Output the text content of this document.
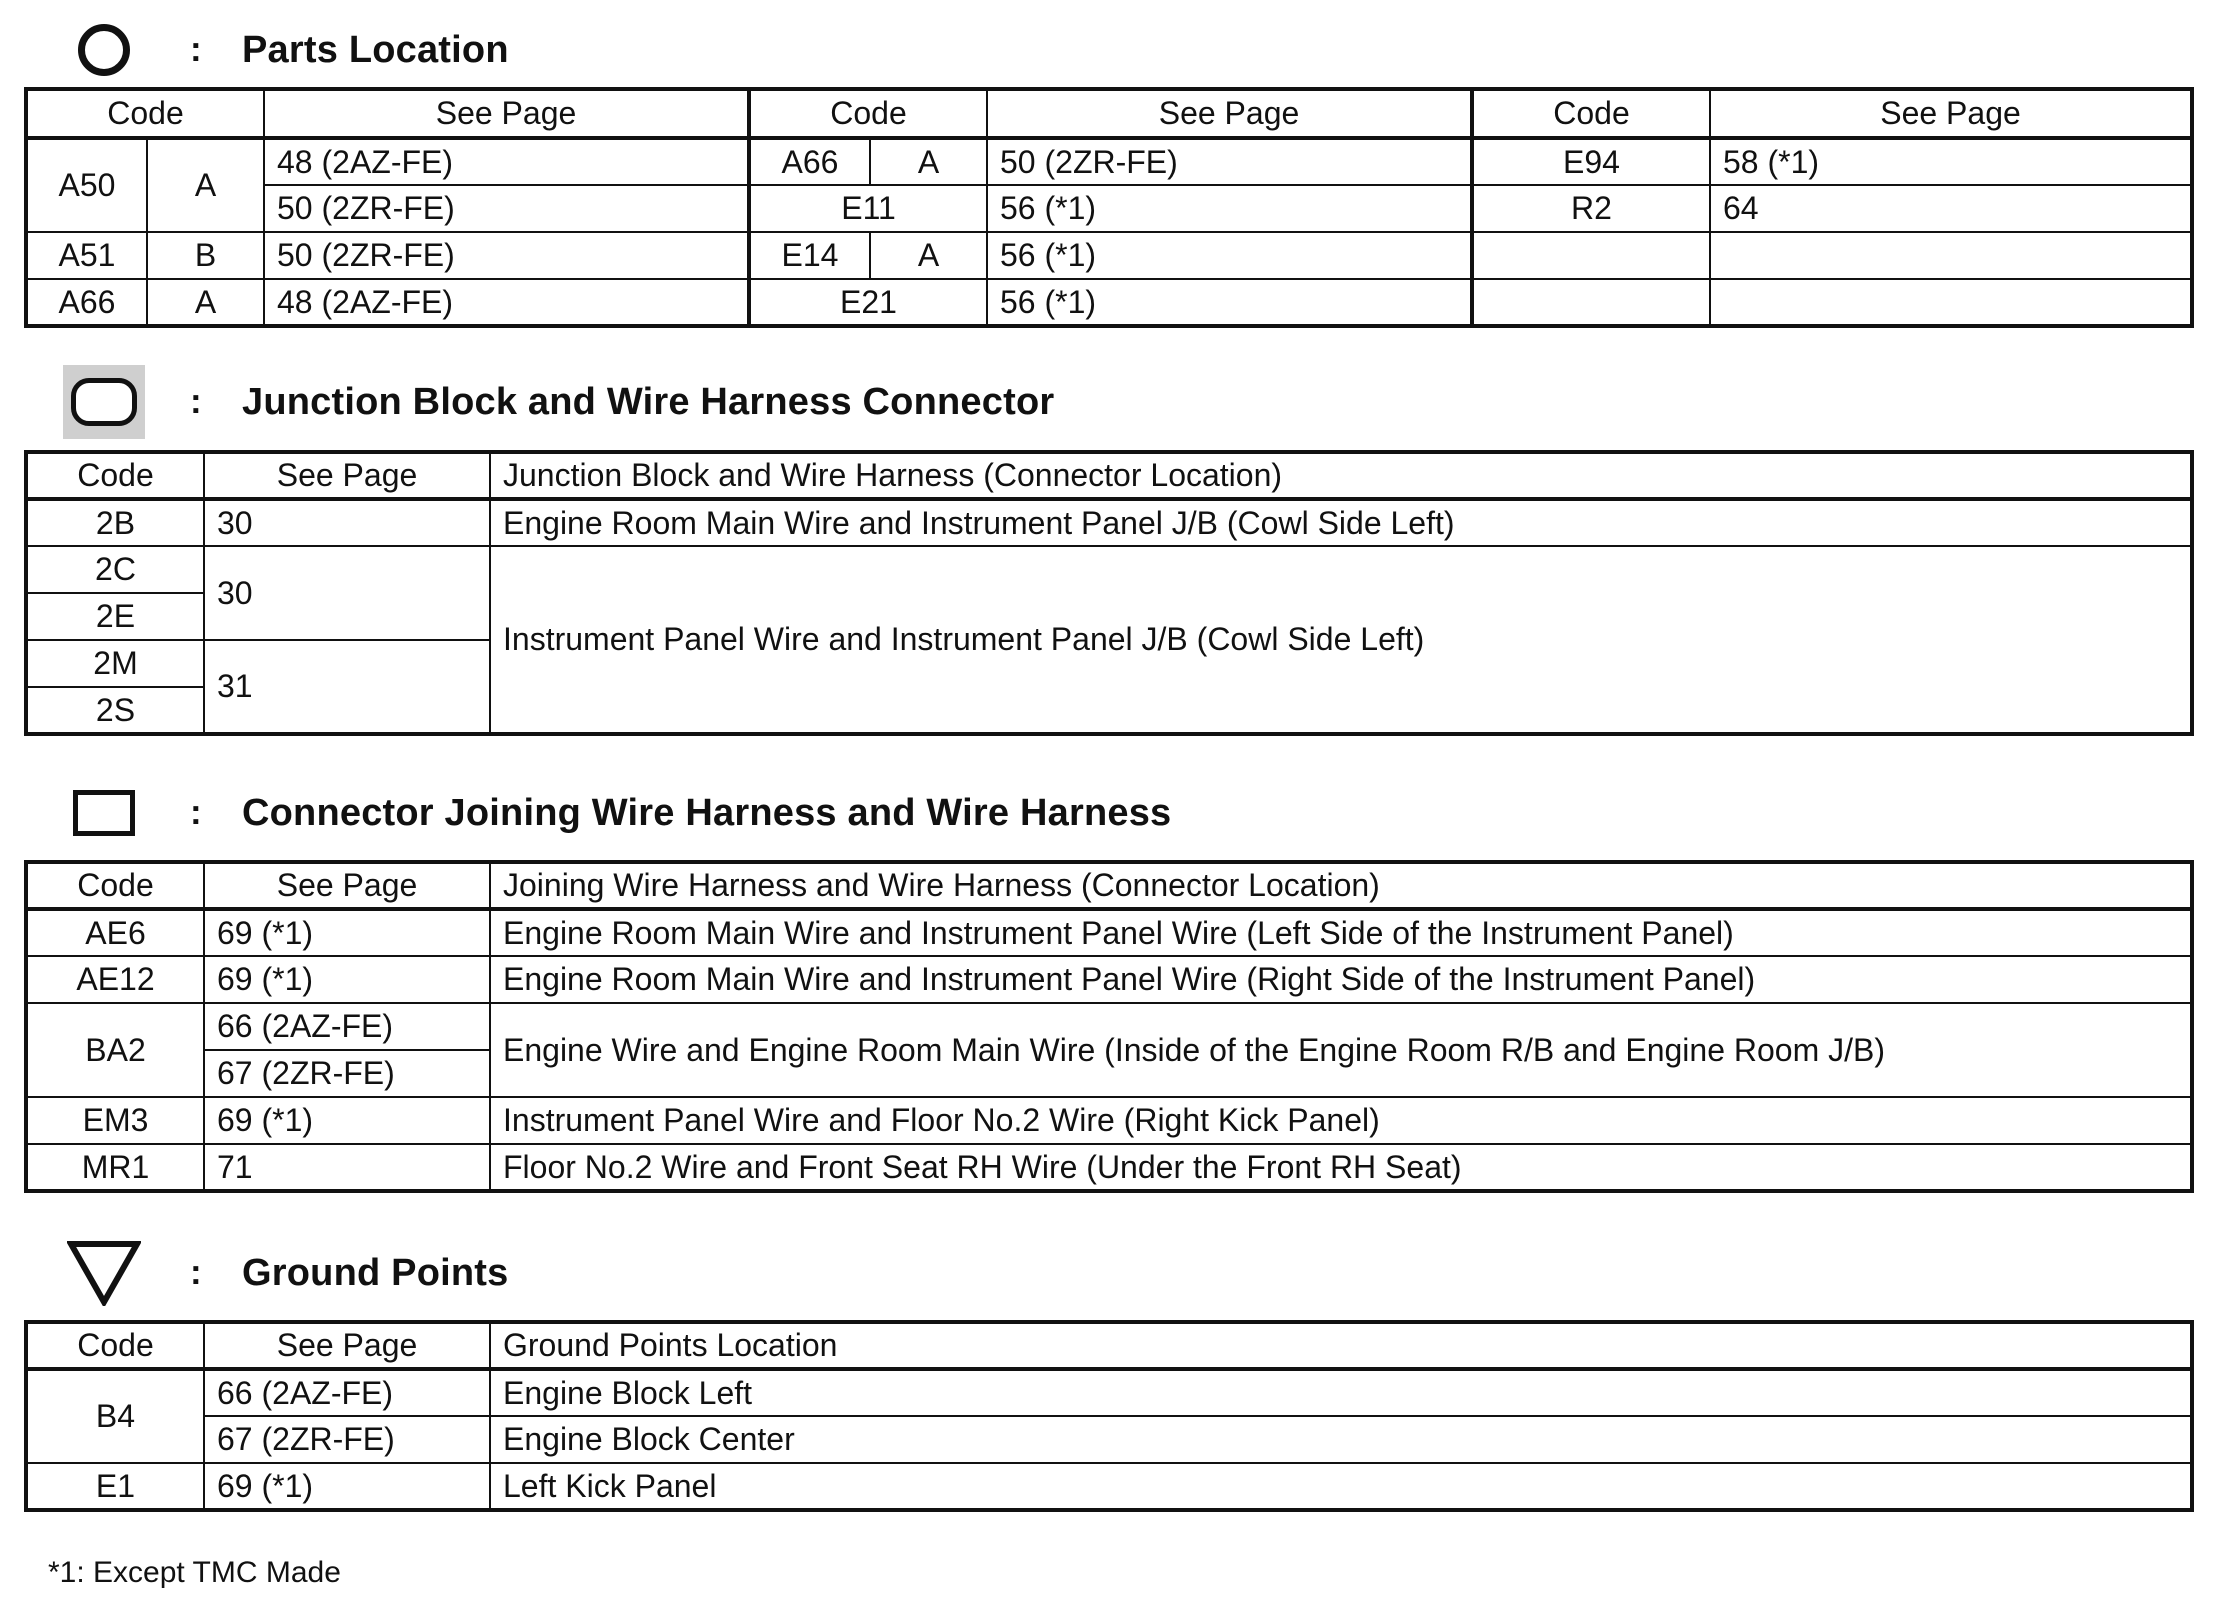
: Parts Location
Code		See Page	Code		See Page	Code	See Page
A50	A	48 (2AZ-FE)	A66	A	50 (2ZR-FE)	E94	58 (*1)
		50 (2ZR-FE)	E11		56 (*1)	R2	64
A51	B	50 (2ZR-FE)	E14	A	56 (*1)		
A66	A	48 (2AZ-FE)	E21		56 (*1)		
: Junction Block and Wire Harness Connector
Code	See Page	Junction Block and Wire Harness (Connector Location)
2B	30	Engine Room Main Wire and Instrument Panel J/B (Cowl Side Left)
2C	30	Instrument Panel Wire and Instrument Panel J/B (Cowl Side Left)
2E		
2M	31	
2S		
: Connector Joining Wire Harness and Wire Harness
Code	See Page	Joining Wire Harness and Wire Harness (Connector Location)
AE6	69 (*1)	Engine Room Main Wire and Instrument Panel Wire (Left Side of the Instrument Panel)
AE12	69 (*1)	Engine Room Main Wire and Instrument Panel Wire (Right Side of the Instrument Panel)
BA2	66 (2AZ-FE)	Engine Wire and Engine Room Main Wire (Inside of the Engine Room R/B and Engine Room J/B)
	67 (2ZR-FE)	
EM3	69 (*1)	Instrument Panel Wire and Floor No.2 Wire (Right Kick Panel)
MR1	71	Floor No.2 Wire and Front Seat RH Wire (Under the Front RH Seat)
: Ground Points
Code	See Page	Ground Points Location
B4	66 (2AZ-FE)	Engine Block Left
	67 (2ZR-FE)	Engine Block Center
E1	69 (*1)	Left Kick Panel
*1: Except TMC Made
